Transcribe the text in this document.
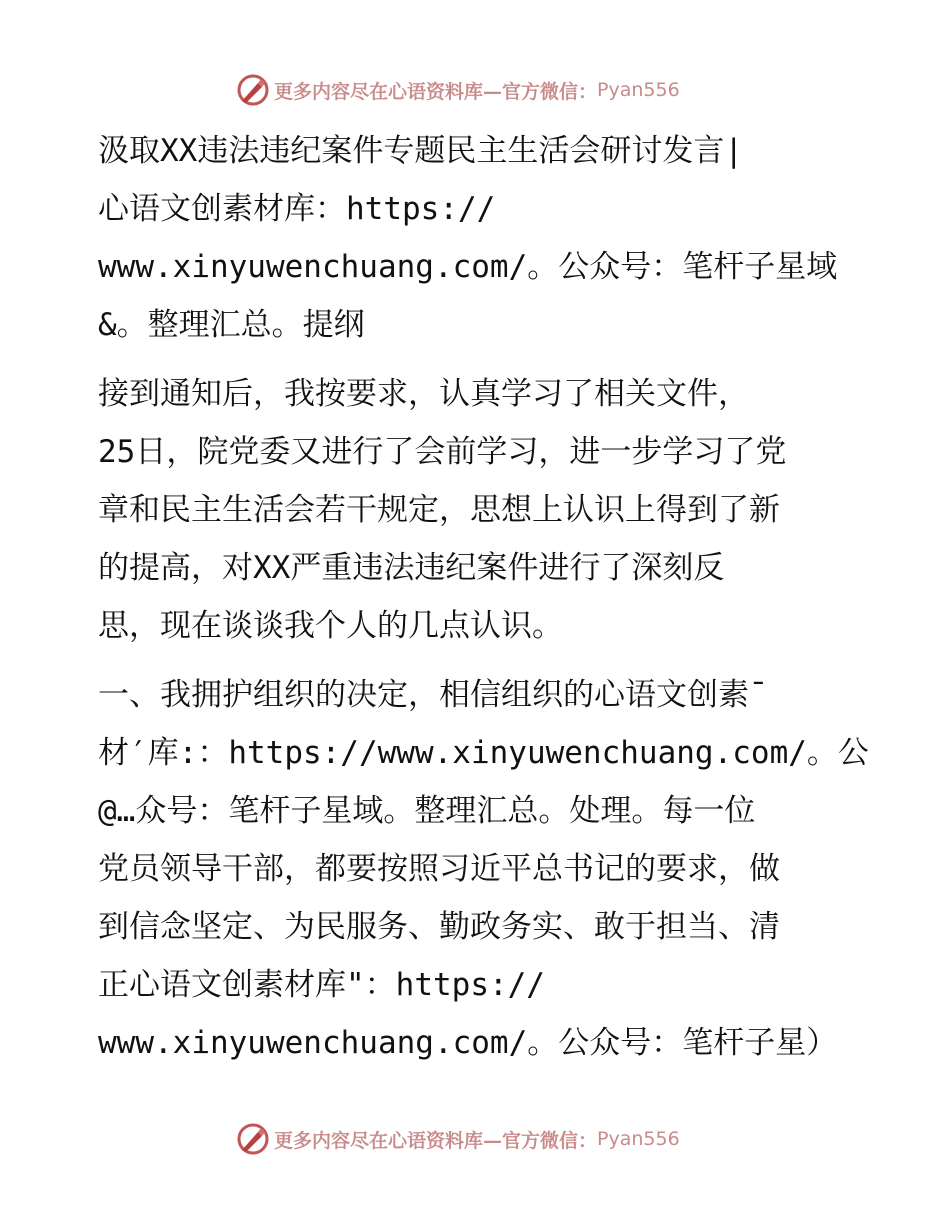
更多内容尽在心语资料库—官方微信： Pyan556
汲取XX违法违纪案件专题民主生活会研讨发言|
心语文创素材库：https://
www.xinyuwenchuang.com/。公众号：笔杆子星域
&。整理汇总。提纲
接到通知后，我按要求，认真学习了相关文件，
25日，院党委又进行了会前学习，进一步学习了党
章和民主生活会若干规定，思想上认识上得到了新
的提高，对XX严重违法违纪案件进行了深刻反
思，现在谈谈我个人的几点认识。
一、我拥护组织的决定，相信组织的心语文创素¯
材′库:：https://www.xinyuwenchuang.com/。公
@…众号：笔杆子星域。整理汇总。处理。每一位
党员领导干部，都要按照习近平总书记的要求，做
到信念坚定、为民服务、勤政务实、敢于担当、清
正心语文创素材库"：https://
www.xinyuwenchuang.com/。公众号：笔杆子星）
更多内容尽在心语资料库—官方微信： Pyan556
